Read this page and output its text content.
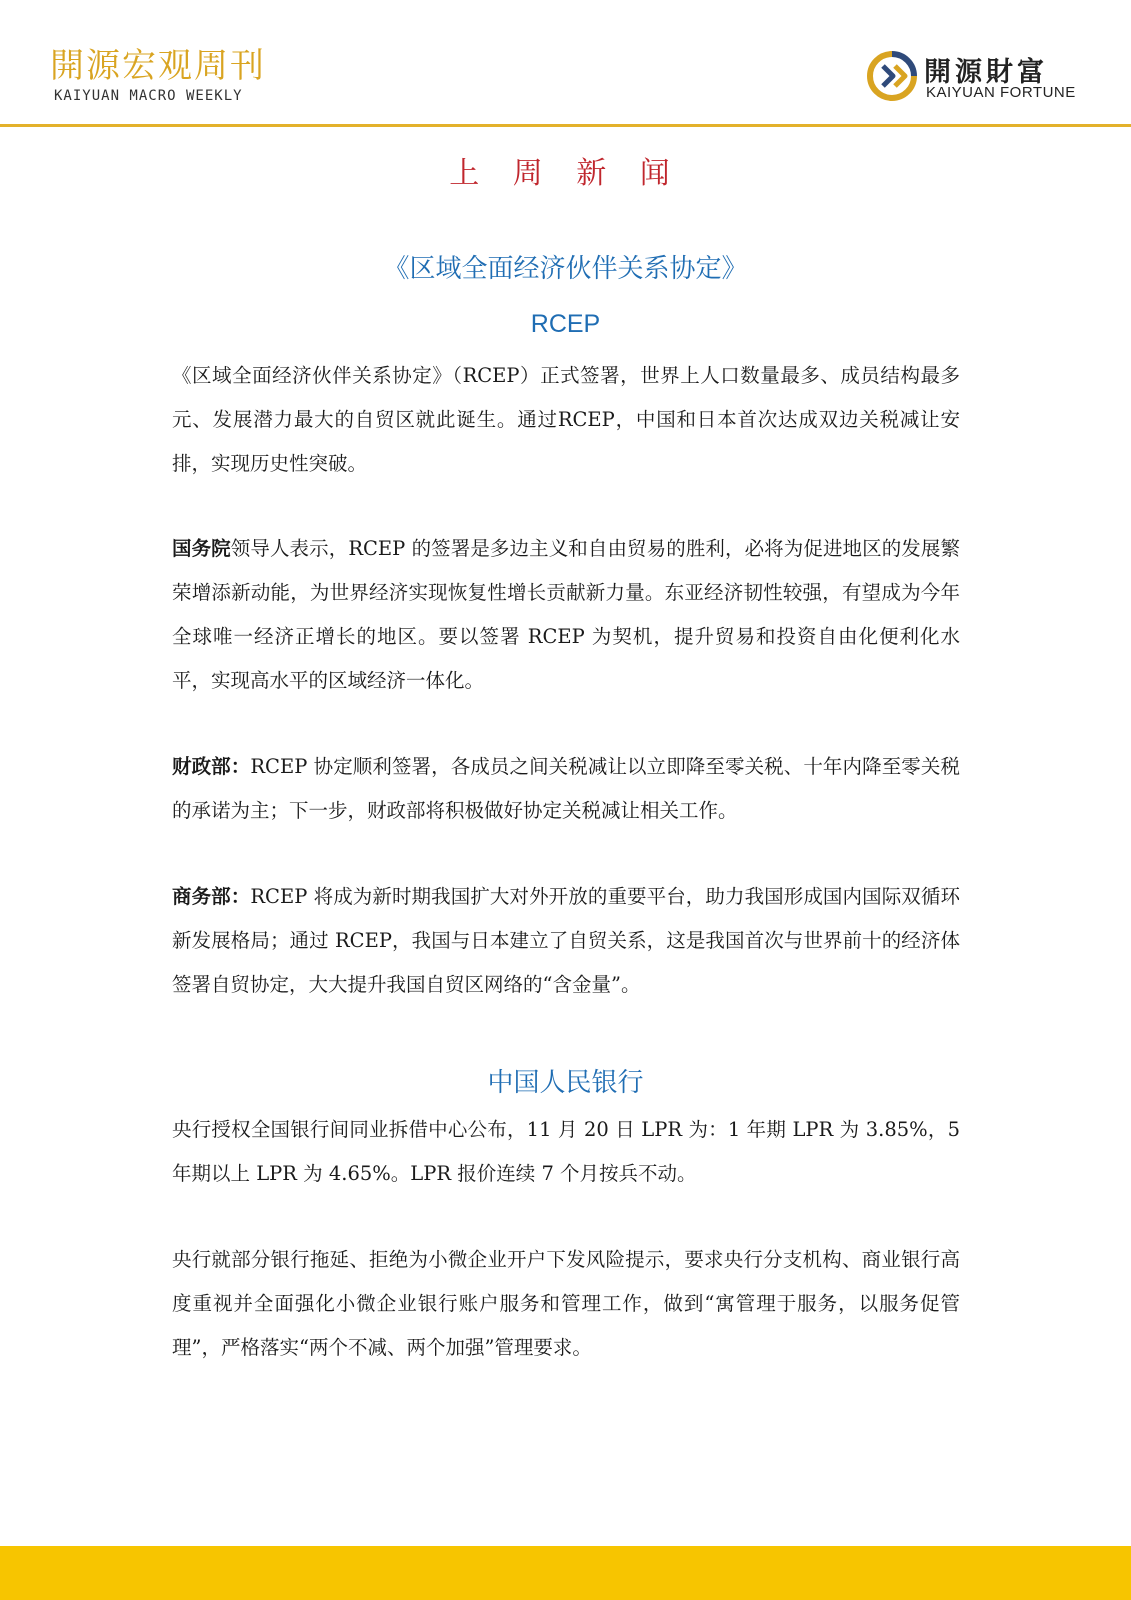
開源宏观周刊
KAIYUAN MACRO WEEKLY
開源財富
KAIYUAN FORTUNE
上 周 新 闻
《区域全面经济伙伴关系协定》
RCEP

《区域全面经济伙伴关系协定》（RCEP）正式签署，世界上人口数量最多、成员结构最多元、发展潜力最大的自贸区就此诞生。通过RCEP，中国和日本首次达成双边关税减让安排，实现历史性突破。

国务院领导人表示，RCEP 的签署是多边主义和自由贸易的胜利，必将为促进地区的发展繁荣增添新动能，为世界经济实现恢复性增长贡献新力量。东亚经济韧性较强，有望成为今年全球唯一经济正增长的地区。要以签署 RCEP 为契机，提升贸易和投资自由化便利化水平，实现高水平的区域经济一体化。

财政部：RCEP 协定顺利签署，各成员之间关税减让以立即降至零关税、十年内降至零关税的承诺为主；下一步，财政部将积极做好协定关税减让相关工作。

商务部：RCEP 将成为新时期我国扩大对外开放的重要平台，助力我国形成国内国际双循环新发展格局；通过 RCEP，我国与日本建立了自贸关系，这是我国首次与世界前十的经济体签署自贸协定，大大提升我国自贸区网络的“含金量”。

中国人民银行

央行授权全国银行间同业拆借中心公布，11 月 20 日 LPR 为：1 年期 LPR 为 3.85%，5 年期以上 LPR 为 4.65%。LPR 报价连续 7 个月按兵不动。

央行就部分银行拖延、拒绝为小微企业开户下发风险提示，要求央行分支机构、商业银行高度重视并全面强化小微企业银行账户服务和管理工作，做到“寓管理于服务，以服务促管理”，严格落实“两个不减、两个加强”管理要求。
